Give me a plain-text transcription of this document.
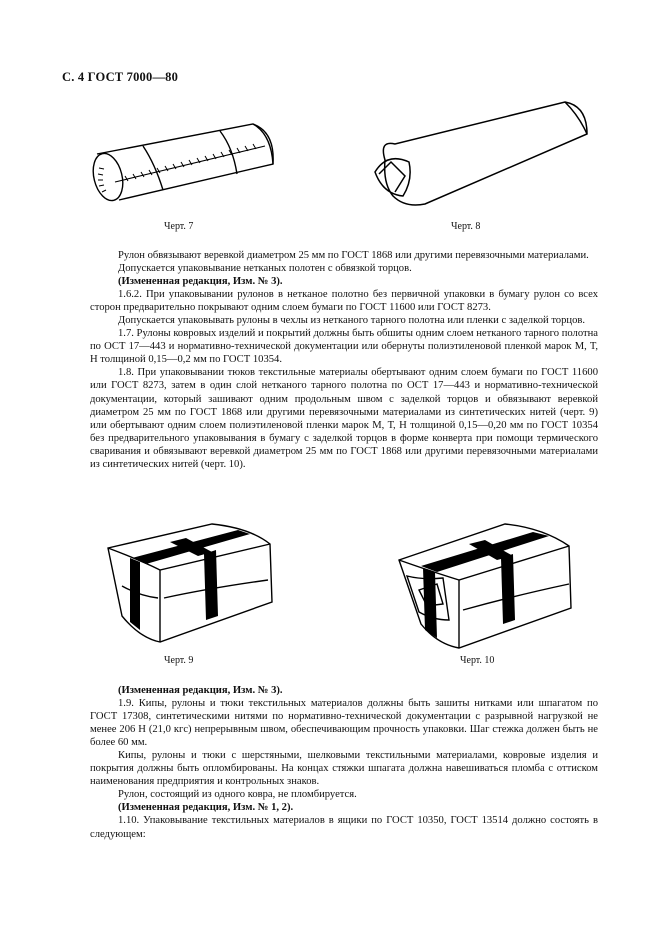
С. 4 ГОСТ 7000—80
Черт. 7	Черт. 8

Рулон обвязывают веревкой диаметром 25 мм по ГОСТ 1868 или другими перевязочными материалами.

Допускается упаковывание нетканых полотен с обвязкой торцов.

(Измененная редакция, Изм. № 3).

1.6.2. При упаковывании рулонов в нетканое полотно без первичной упаковки в бумагу рулон со всех сторон предварительно покрывают одним слоем бумаги по ГОСТ 11600 или ГОСТ 8273.

Допускается упаковывать рулоны в чехлы из нетканого тарного полотна или пленки с заделкой торцов.

1.7. Рулоны ковровых изделий и покрытий должны быть обшиты одним слоем нетканого тарного полотна по ОСТ 17—443 и нормативно-технической документации или обернуты полиэтиленовой пленкой марок М, Т, Н толщиной 0,15—0,2 мм по ГОСТ 10354.

1.8. При упаковывании тюков текстильные материалы обертывают одним слоем бумаги по ГОСТ 11600 или ГОСТ 8273, затем в один слой нетканого тарного полотна по ОСТ 17—443 и нормативно-технической документации, который зашивают одним продольным швом с заделкой торцов и обвязывают веревкой диаметром 25 мм по ГОСТ 1868 или другими перевязочными материалами из синтетических нитей (черт. 9) или обертывают одним слоем полиэтиленовой пленки марок М, Т, Н толщиной 0,15—0,20 мм по ГОСТ 10354 без предварительного упаковывания в бумагу с заделкой торцов в форме конверта при помощи термического сваривания и обвязывают веревкой диаметром 25 мм по ГОСТ 1868 или другими перевязочными материалами из синтетических нитей (черт. 10).

Черт. 9	Черт. 10

(Измененная редакция, Изм. № 3).

1.9. Кипы, рулоны и тюки текстильных материалов должны быть зашиты нитками или шпагатом по ГОСТ 17308, синтетическими нитями по нормативно-технической документации с разрывной нагрузкой не менее 206 Н (21,0 кгс) непрерывным швом, обеспечивающим прочность упаковки. Шаг стежка должен быть не более 60 мм.

Кипы, рулоны и тюки с шерстяными, шелковыми текстильными материалами, ковровые изделия и покрытия должны быть опломбированы. На концах стяжки шпагата должна навешиваться пломба с оттиском наименования предприятия и контрольных знаков.

Рулон, состоящий из одного ковра, не пломбируется.

(Измененная редакция, Изм. № 1, 2).

1.10. Упаковывание текстильных материалов в ящики по ГОСТ 10350, ГОСТ 13514 должно состоять в следующем:
